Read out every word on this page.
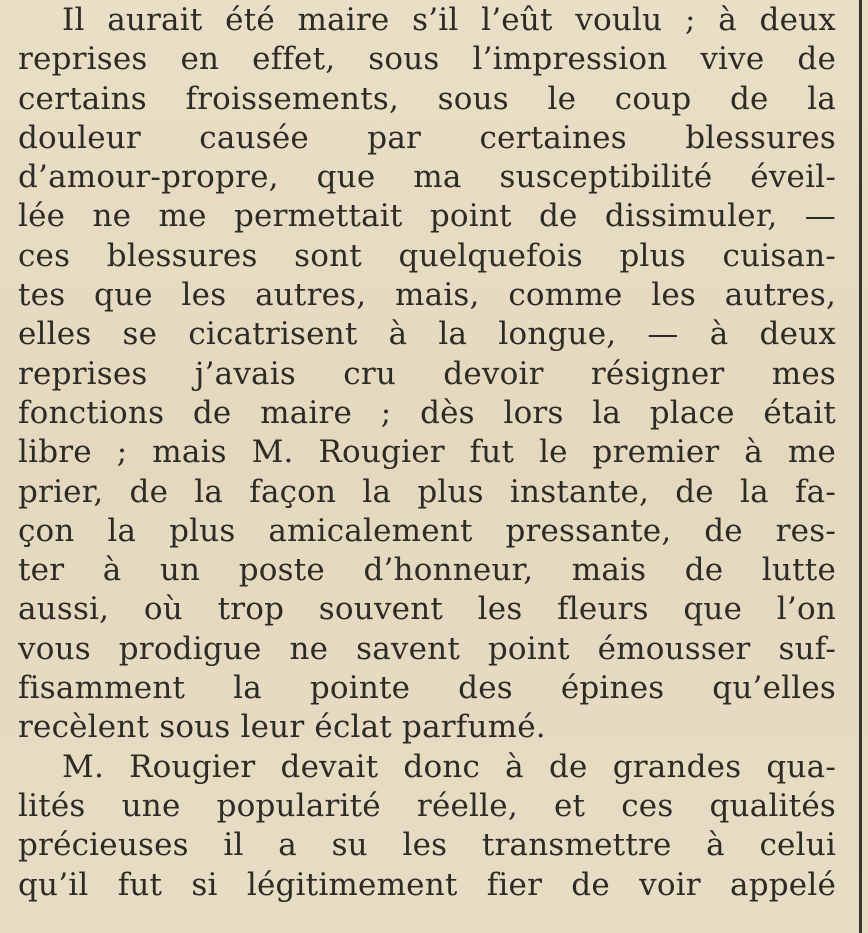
Il aurait été maire s’il l’eût voulu ; à deux
reprises en effet, sous l’impression vive de
certains froissements, sous le coup de la
douleur causée par certaines blessures
d’amour-propre, que ma susceptibilité éveil-
lée ne me permettait point de dissimuler, —
ces blessures sont quelquefois plus cuisan-
tes que les autres, mais, comme les autres,
elles se cicatrisent à la longue, — à deux
reprises j’avais cru devoir résigner mes
fonctions de maire ; dès lors la place était
libre ; mais M. Rougier fut le premier à me
prier, de la façon la plus instante, de la fa-
çon la plus amicalement pressante, de res-
ter à un poste d’honneur, mais de lutte
aussi, où trop souvent les fleurs que l’on
vous prodigue ne savent point émousser suf-
fisamment la pointe des épines qu’elles
recèlent sous leur éclat parfumé.
M. Rougier devait donc à de grandes qua-
lités une popularité réelle, et ces qualités
précieuses il a su les transmettre à celui
qu’il fut si légitimement fier de voir appelé
